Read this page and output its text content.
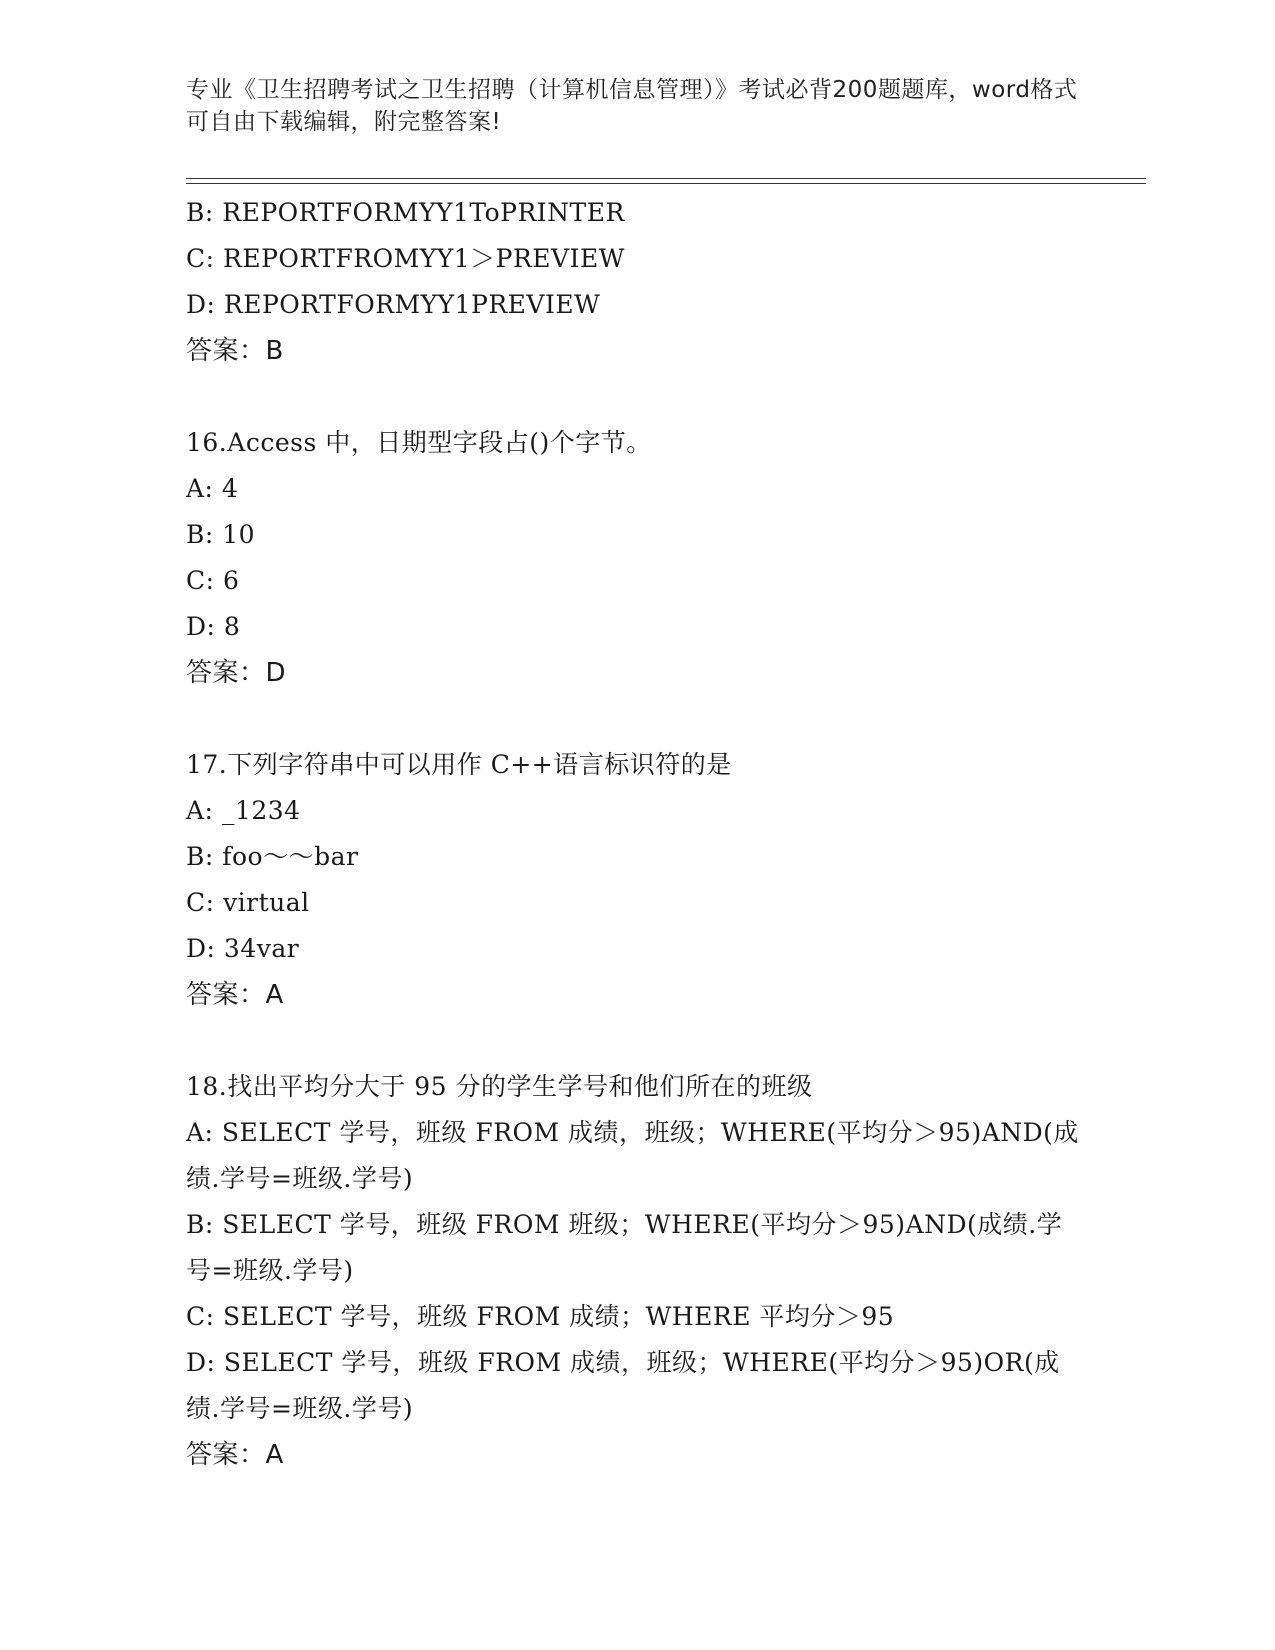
专业《卫生招聘考试之卫生招聘（计算机信息管理）》考试必背200题题库，word格式可自由下载编辑，附完整答案!
B: REPORTFORMYY1ToPRINTER
C: REPORTFROMYY1＞PREVIEW
D: REPORTFORMYY1PREVIEW
答案：B
16.Access 中，日期型字段占()个字节。
A: 4
B: 10
C: 6
D: 8
答案：D
17.下列字符串中可以用作 C++语言标识符的是
A: _1234
B: foo～～bar
C: virtual
D: 34var
答案：A
18.找出平均分大于 95 分的学生学号和他们所在的班级
A: SELECT 学号，班级 FROM 成绩，班级；WHERE(平均分＞95)AND(成绩.学号=班级.学号)
B: SELECT 学号，班级 FROM 班级；WHERE(平均分＞95)AND(成绩.学号=班级.学号)
C: SELECT 学号，班级 FROM 成绩；WHERE 平均分＞95
D: SELECT 学号，班级 FROM 成绩，班级；WHERE(平均分＞95)OR(成绩.学号=班级.学号)
答案：A
